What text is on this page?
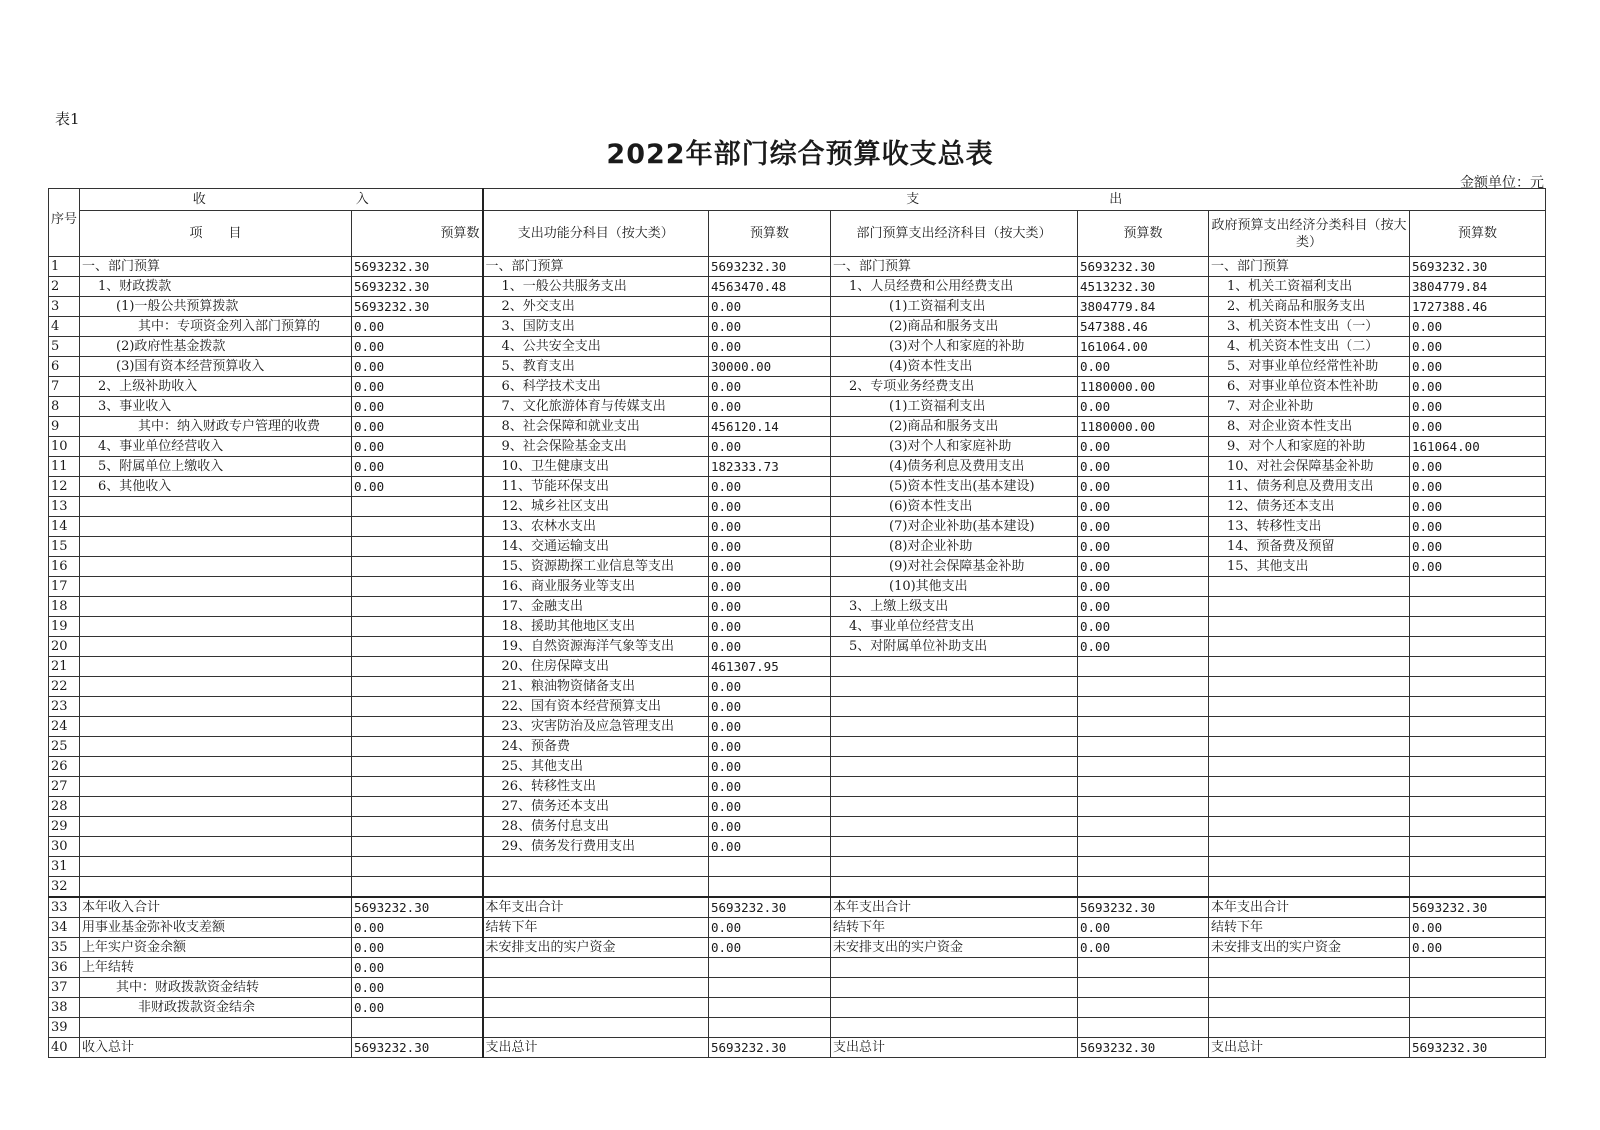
表1
2022年部门综合预算收支总表
金额单位：元
序号	收 入		支 出					
	项　　目	预算数	支出功能分科目（按大类）	预算数	部门预算支出经济科目（按大类）	预算数	政府预算支出经济分类科目（按大类）	预算数
1	一、部门预算	5693232.30	一、部门预算	5693232.30	一、部门预算	5693232.30	一、部门预算	5693232.30
2	1、财政拨款	5693232.30	1、一般公共服务支出	4563470.48	1、人员经费和公用经费支出	4513232.30	1、机关工资福利支出	3804779.84
3	(1)一般公共预算拨款	5693232.30	2、外交支出	0.00	(1)工资福利支出	3804779.84	2、机关商品和服务支出	1727388.46
4	其中：专项资金列入部门预算的	0.00	3、国防支出	0.00	(2)商品和服务支出	547388.46	3、机关资本性支出（一）	0.00
5	(2)政府性基金拨款	0.00	4、公共安全支出	0.00	(3)对个人和家庭的补助	161064.00	4、机关资本性支出（二）	0.00
6	(3)国有资本经营预算收入	0.00	5、教育支出	30000.00	(4)资本性支出	0.00	5、对事业单位经常性补助	0.00
7	2、上级补助收入	0.00	6、科学技术支出	0.00	2、专项业务经费支出	1180000.00	6、对事业单位资本性补助	0.00
8	3、事业收入	0.00	7、文化旅游体育与传媒支出	0.00	(1)工资福利支出	0.00	7、对企业补助	0.00
9	其中：纳入财政专户管理的收费	0.00	8、社会保障和就业支出	456120.14	(2)商品和服务支出	1180000.00	8、对企业资本性支出	0.00
10	4、事业单位经营收入	0.00	9、社会保险基金支出	0.00	(3)对个人和家庭补助	0.00	9、对个人和家庭的补助	161064.00
11	5、附属单位上缴收入	0.00	10、卫生健康支出	182333.73	(4)债务利息及费用支出	0.00	10、对社会保障基金补助	0.00
12	6、其他收入	0.00	11、节能环保支出	0.00	(5)资本性支出(基本建设)	0.00	11、债务利息及费用支出	0.00
13			12、城乡社区支出	0.00	(6)资本性支出	0.00	12、债务还本支出	0.00
14			13、农林水支出	0.00	(7)对企业补助(基本建设)	0.00	13、转移性支出	0.00
15			14、交通运输支出	0.00	(8)对企业补助	0.00	14、预备费及预留	0.00
16			15、资源勘探工业信息等支出	0.00	(9)对社会保障基金补助	0.00	15、其他支出	0.00
17			16、商业服务业等支出	0.00	(10)其他支出	0.00		
18			17、金融支出	0.00	3、上缴上级支出	0.00		
19			18、援助其他地区支出	0.00	4、事业单位经营支出	0.00		
20			19、自然资源海洋气象等支出	0.00	5、对附属单位补助支出	0.00		
21			20、住房保障支出	461307.95				
22			21、粮油物资储备支出	0.00				
23			22、国有资本经营预算支出	0.00				
24			23、灾害防治及应急管理支出	0.00				
25			24、预备费	0.00				
26			25、其他支出	0.00				
27			26、转移性支出	0.00				
28			27、债务还本支出	0.00				
29			28、债务付息支出	0.00				
30			29、债务发行费用支出	0.00				
31								
32								
33	本年收入合计	5693232.30	本年支出合计	5693232.30	本年支出合计	5693232.30	本年支出合计	5693232.30
34	用事业基金弥补收支差额	0.00	结转下年	0.00	结转下年	0.00	结转下年	0.00
35	上年实户资金余额	0.00	未安排支出的实户资金	0.00	未安排支出的实户资金	0.00	未安排支出的实户资金	0.00
36	上年结转	0.00						
37	其中：财政拨款资金结转	0.00						
38	非财政拨款资金结余	0.00						
39								
40	收入总计	5693232.30	支出总计	5693232.30	支出总计	5693232.30	支出总计	5693232.30
